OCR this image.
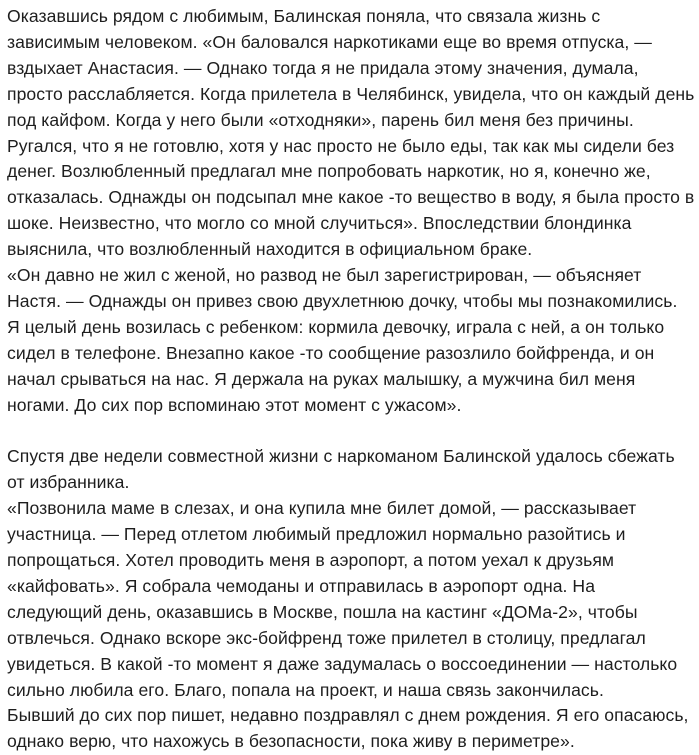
Оказавшись рядом с любимым, Балинская поняла, что связала жизнь с зависимым человеком. «Он баловался наркотиками еще во время отпуска, — вздыхает Анастасия. — Однако тогда я не придала этому значения, думала, просто расслабляется. Когда прилетела в Челябинск, увидела, что он каждый день под кайфом. Когда у него были «отходняки», парень бил меня без причины. Ругался, что я не готовлю, хотя у нас просто не было еды, так как мы сидели без денег. Возлюбленный предлагал мне попробовать наркотик, но я, конечно же, отказалась. Однажды он подсыпал мне какое -то вещество в воду, я была просто в шоке. Неизвестно, что могло со мной случиться». Впоследствии блондинка выяснила, что возлюбленный находится в официальном браке.

«Он давно не жил с женой, но развод не был зарегистрирован, — объясняет Настя. — Однажды он привез свою двухлетнюю дочку, чтобы мы познакомились. Я целый день возилась с ребенком: кормила девочку, играла с ней, а он только сидел в телефоне. Внезапно какое -то сообщение разозлило бойфренда, и он начал срываться на нас. Я держала на руках малышку, а мужчина бил меня ногами. До сих пор вспоминаю этот момент с ужасом».

Спустя две недели совместной жизни с наркоманом Балинской удалось сбежать от избранника.

«Позвонила маме в слезах, и она купила мне билет домой, — рассказывает участница. — Перед отлетом любимый предложил нормально разойтись и попрощаться. Хотел проводить меня в аэропорт, а потом уехал к друзьям «кайфовать». Я собрала чемоданы и отправилась в аэропорт одна. На следующий день, оказавшись в Москве, пошла на кастинг «ДОМа-2», чтобы отвлечься. Однако вскоре экс-бойфренд тоже прилетел в столицу, предлагал увидеться. В какой -то момент я даже задумалась о воссоединении — настолько сильно любила его. Благо, попала на проект, и наша связь закончилась.

Бывший до сих пор пишет, недавно поздравлял с днем рождения. Я его опасаюсь, однако верю, что нахожусь в безопасности, пока живу в периметре».
